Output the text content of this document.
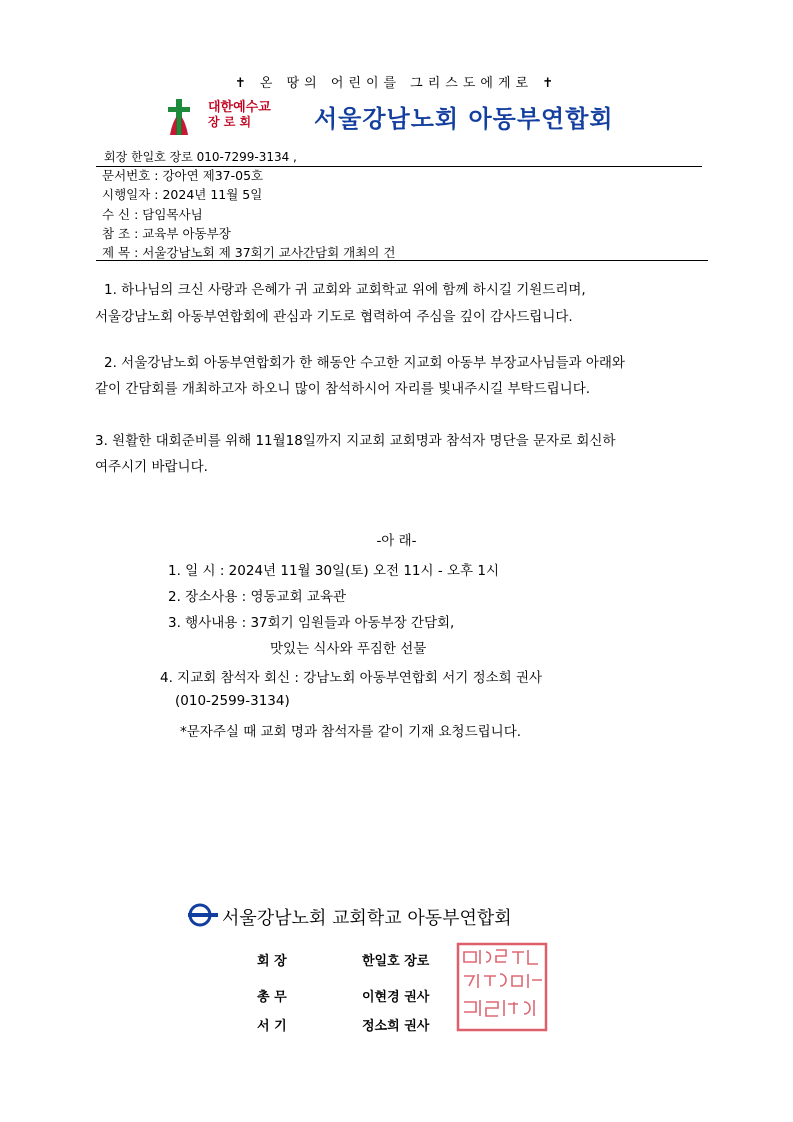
✝ 온 땅의 어린이를 그리스도에게로 ✝
대한예수교
장 로 회	서울강남노회 아동부연합회
회장 한일호 장로 010-7299-3134 ,
문서번호 : 강아연 제37-05호
시행일자 : 2024년 11월 5일
수 신 : 담임목사님
참 조 : 교육부 아동부장
제 목 : 서울강남노회 제 37회기 교사간담회 개최의 건
1. 하나님의 크신 사랑과 은혜가 귀 교회와 교회학교 위에 함께 하시길 기원드리며,
서울강남노회 아동부연합회에 관심과 기도로 협력하여 주심을 깊이 감사드립니다.
2. 서울강남노회 아동부연합회가 한 해동안 수고한 지교회 아동부 부장교사님들과 아래와
같이 간담회를 개최하고자 하오니 많이 참석하시어 자리를 빛내주시길 부탁드립니다.
3. 원활한 대회준비를 위해 11월18일까지 지교회 교회명과 참석자 명단을 문자로 회신하
여주시기 바랍니다.
-아 래-
1. 일 시 : 2024년 11월 30일(토) 오전 11시 - 오후 1시
2. 장소사용 : 영동교회 교육관
3. 행사내용 : 37회기 임원들과 아동부장 간담회,
맛있는 식사와 푸짐한 선물
4. 지교회 참석자 회신 : 강남노회 아동부연합회 서기 정소희 권사
(010-2599-3134)
*문자주실 때 교회 명과 참석자를 같이 기재 요청드립니다.
서울강남노회 교회학교 아동부연합회
회 장	한일호 장로
총 무	이현경 권사
서 기	정소희 권사
